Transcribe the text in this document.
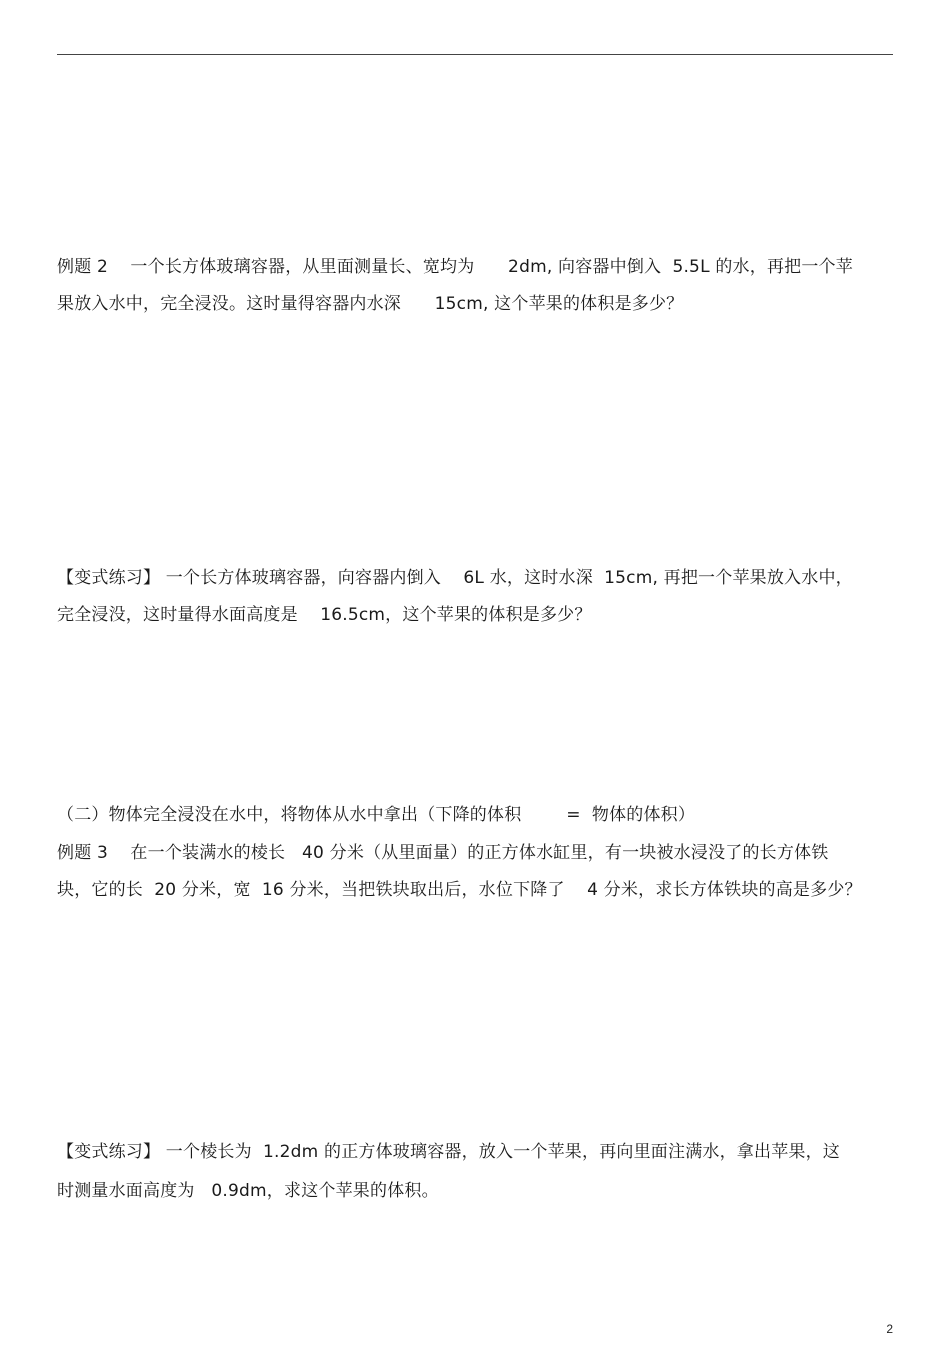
例题 2    一个长方体玻璃容器，从里面测量长、宽均为      2dm, 向容器中倒入  5.5L 的水，再把一个苹
果放入水中，完全浸没。这时量得容器内水深      15cm, 这个苹果的体积是多少？
【变式练习】 一个长方体玻璃容器，向容器内倒入    6L 水，这时水深  15cm, 再把一个苹果放入水中，
完全浸没，这时量得水面高度是    16.5cm，这个苹果的体积是多少？
（二）物体完全浸没在水中，将物体从水中拿出（下降的体积        =  物体的体积）
例题 3    在一个装满水的棱长   40 分米（从里面量）的正方体水缸里，有一块被水浸没了的长方体铁
块，它的长  20 分米，宽  16 分米，当把铁块取出后，水位下降了    4 分米，求长方体铁块的高是多少？
【变式练习】 一个棱长为  1.2dm 的正方体玻璃容器，放入一个苹果，再向里面注满水，拿出苹果，这
时测量水面高度为   0.9dm，求这个苹果的体积。
2
